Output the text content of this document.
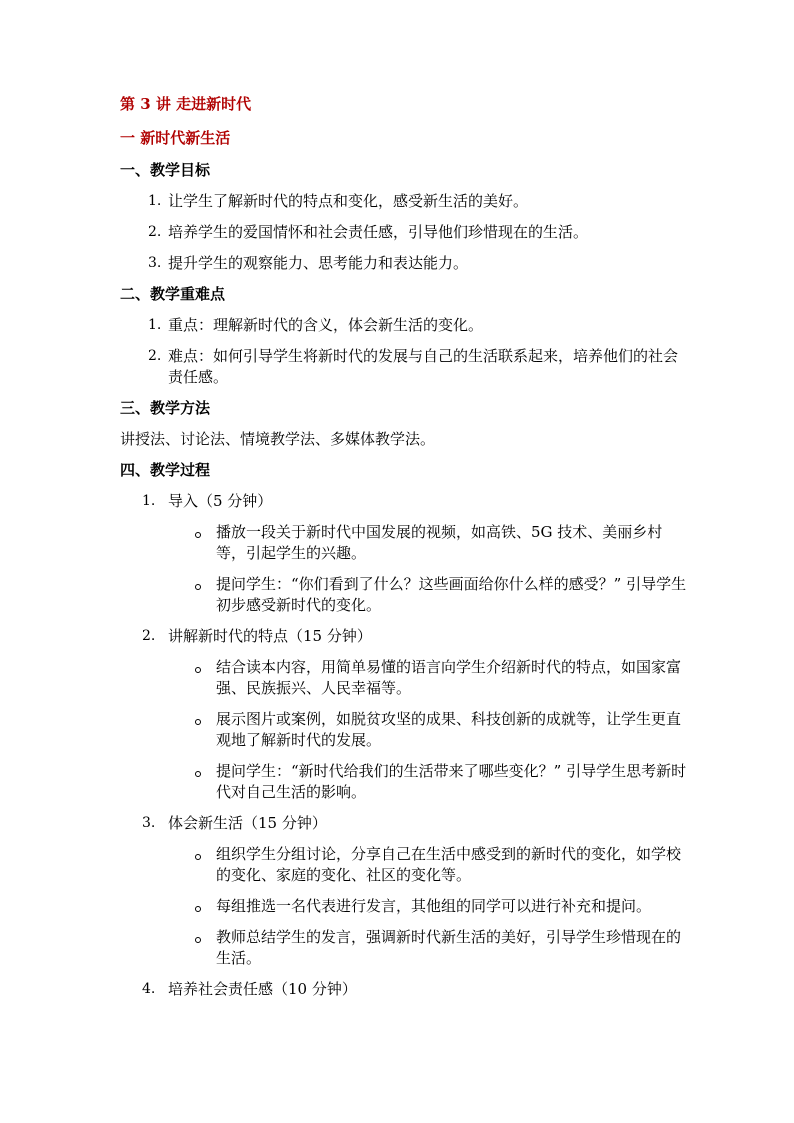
第 3 讲 走进新时代
一 新时代新生活
一、教学目标
1. 让学生了解新时代的特点和变化，感受新生活的美好。
2. 培养学生的爱国情怀和社会责任感，引导他们珍惜现在的生活。
3. 提升学生的观察能力、思考能力和表达能力。
二、教学重难点
1. 重点：理解新时代的含义，体会新生活的变化。
2. 难点：如何引导学生将新时代的发展与自己的生活联系起来，培养他们的社会责任感。
三、教学方法
讲授法、讨论法、情境教学法、多媒体教学法。
四、教学过程
1. 导入（5 分钟）
播放一段关于新时代中国发展的视频，如高铁、5G 技术、美丽乡村等，引起学生的兴趣。
提问学生：“你们看到了什么？这些画面给你什么样的感受？” 引导学生初步感受新时代的变化。
2. 讲解新时代的特点（15 分钟）
结合读本内容，用简单易懂的语言向学生介绍新时代的特点，如国家富强、民族振兴、人民幸福等。
展示图片或案例，如脱贫攻坚的成果、科技创新的成就等，让学生更直观地了解新时代的发展。
提问学生：“新时代给我们的生活带来了哪些变化？” 引导学生思考新时代对自己生活的影响。
3. 体会新生活（15 分钟）
组织学生分组讨论，分享自己在生活中感受到的新时代的变化，如学校的变化、家庭的变化、社区的变化等。
每组推选一名代表进行发言，其他组的同学可以进行补充和提问。
教师总结学生的发言，强调新时代新生活的美好，引导学生珍惜现在的生活。
4. 培养社会责任感（10 分钟）
